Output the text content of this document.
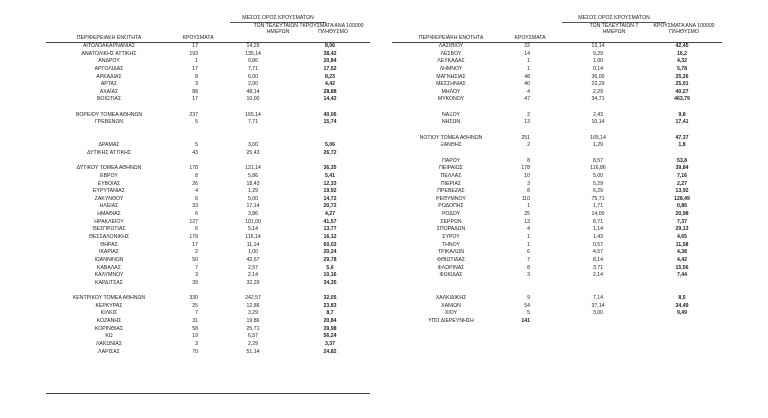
ΜΕΣΟΣ ΟΡΟΣ ΚΡΟΥΣΜΑΤΩΝ
ΤΩΝ ΤΕΛΕΥΤΑΙΩΝ 7
ΗΜΕΡΩΝ
ΚΡΟΥΣΜΑΤΑ ΑΝΑ 100000
ΠΛΗΘΥΣΜΟ
ΠΕΡΙΦΕΡΕΙΑΚΗ ΕΝΟΤΗΤΑ	ΚΡΟΥΣΜΑΤΑ
ΑΙΤΩΛΟΑΚΑΡΝΑΝΙΑΣ	17	14,29	8,06
ΑΝΑΤΟΛΙΚΗΣ ΑΤΤΙΚΗΣ	193	135,14	38,42
ΑΝΔΡΟΥ	1	0,86	20,84
ΑΡΓΟΛΙΔΑΣ	17	7,71	17,52
ΑΡΚΑΔΙΑΣ	8	6,00	8,23
ΑΡΤΑΣ	3	2,00	4,42
ΑΧΑΪΑΣ	88	48,14	28,88
ΒΟΙΩΤΙΑΣ	17	10,00	14,42
ΒΟΡΕΙΟΥ ΤΟΜΕΑ ΑΘΗΝΩΝ	237	165,14	40,06
ΓΡΕΒΕΝΩΝ	5	7,71	15,74
ΔΡΑΜΑΣ	5	3,00	5,06
ΔΥΤΙΚΗΣ ΑΤΤΙΚΗΣ	43	25,43	26,72
ΔΥΤΙΚΟΥ ΤΟΜΕΑ ΑΘΗΝΩΝ	178	121,14	36,35
ΕΒΡΟΥ	8	5,86	5,41
ΕΥΒΟΙΑΣ	26	18,43	12,33
ΕΥΡΥΤΑΝΙΑΣ	4	1,29	19,92
ΖΑΚΥΝΘΟΥ	6	5,00	14,72
ΗΛΕΙΑΣ	33	17,14	20,72
ΗΜΑΘΙΑΣ	6	3,86	4,27
ΗΡΑΚΛΕΙΟΥ	127	101,00	41,57
ΘΕΣΠΡΩΤΙΑΣ	6	5,14	13,77
ΘΕΣΣΑΛΟΝΙΚΗΣ	179	116,14	16,12
ΘΗΡΑΣ	17	11,14	60,03
ΙΚΑΡΙΑΣ	2	1,00	20,24
ΙΩΑΝΝΙΝΩΝ	50	42,57	29,78
ΚΑΒΑΛΑΣ	7	2,57	5,6
ΚΑΛΥΜΝΟΥ	3	2,14	10,16
ΚΑΡΔΙΤΣΑΣ	39	32,29	34,35
ΚΕΝΤΡΙΚΟΥ ΤΟΜΕΑ ΑΘΗΝΩΝ	330	242,57	32,05
ΚΕΡΚΥΡΑΣ	25	12,86	23,83
ΚΙΛΚΙΣ	7	3,29	8,7
ΚΟΖΑΝΗΣ	31	19,86	20,84
ΚΟΡΙΝΘΙΑΣ	58	25,71	39,98
ΚΩ	19	6,57	56,24
ΛΑΚΩΝΙΑΣ	3	2,29	3,37
ΛΑΡΙΣΑΣ	70	51,14	24,82
ΜΕΣΟΣ ΟΡΟΣ ΚΡΟΥΣΜΑΤΩΝ
ΤΩΝ ΤΕΛΕΥΤΑΙΩΝ 7
ΗΜΕΡΩΝ
ΚΡΟΥΣΜΑΤΑ ΑΝΑ 100000
ΠΛΗΘΥΣΜΟ
ΠΕΡΙΦΕΡΕΙΑΚΗ ΕΝΟΤΗΤΑ	ΚΡΟΥΣΜΑΤΑ
ΛΑΣΙΘΙΟΥ	32	13,14	42,45
ΛΕΣΒΟΥ	14	9,29	16,2
ΛΕΥΚΑΔΑΣ	1	1,00	4,32
ΛΗΜΝΟΥ	1	0,14	5,78
ΜΑΓΝΗΣΙΑΣ	48	36,00	25,26
ΜΕΣΣΗΝΙΑΣ	40	23,29	25,01
ΜΗΛΟΥ	4	2,29	40,27
ΜΥΚΟΝΟΥ	47	34,71	463,79
ΝΑΞΟΥ	2	2,43	9,8
ΝΗΣΩΝ	13	10,14	17,41
ΝΟΤΙΟΥ ΤΟΜΕΑ ΑΘΗΝΩΝ	251	165,14	47,37
ΞΑΝΘΗΣ	2	1,29	1,8
ΠΑΡΟΥ	8	8,57	53,8
ΠΕΙΡΑΙΩΣ	178	116,86	39,84
ΠΕΛΛΑΣ	10	5,00	7,16
ΠΙΕΡΙΑΣ	3	5,29	2,27
ΠΡΕΒΕΖΑΣ	8	6,29	13,92
ΡΕΘΥΜΝΟΥ	110	75,71	128,49
ΡΟΔΟΠΗΣ	1	1,71	0,86
ΡΟΔΟΥ	25	14,00	20,98
ΣΕΡΡΩΝ	13	8,71	7,37
ΣΠΟΡΑΔΩΝ	4	1,14	29,13
ΣΥΡΟΥ	1	1,43	4,65
ΤΗΝΟΥ	1	0,57	11,58
ΤΡΙΚΑΛΩΝ	6	4,57	4,38
ΦΘΙΩΤΙΔΑΣ	7	8,14	4,42
ΦΛΩΡΙΝΑΣ	8	3,71	15,56
ΦΩΚΙΔΑΣ	3	2,14	7,44
ΧΑΛΚΙΔΙΚΗΣ	9	7,14	8,5
ΧΑΝΙΩΝ	54	37,14	34,49
ΧΙΟΥ	5	3,00	9,49
ΥΠΟ ΔΙΕΡΕΥΝΗΣΗ	141
